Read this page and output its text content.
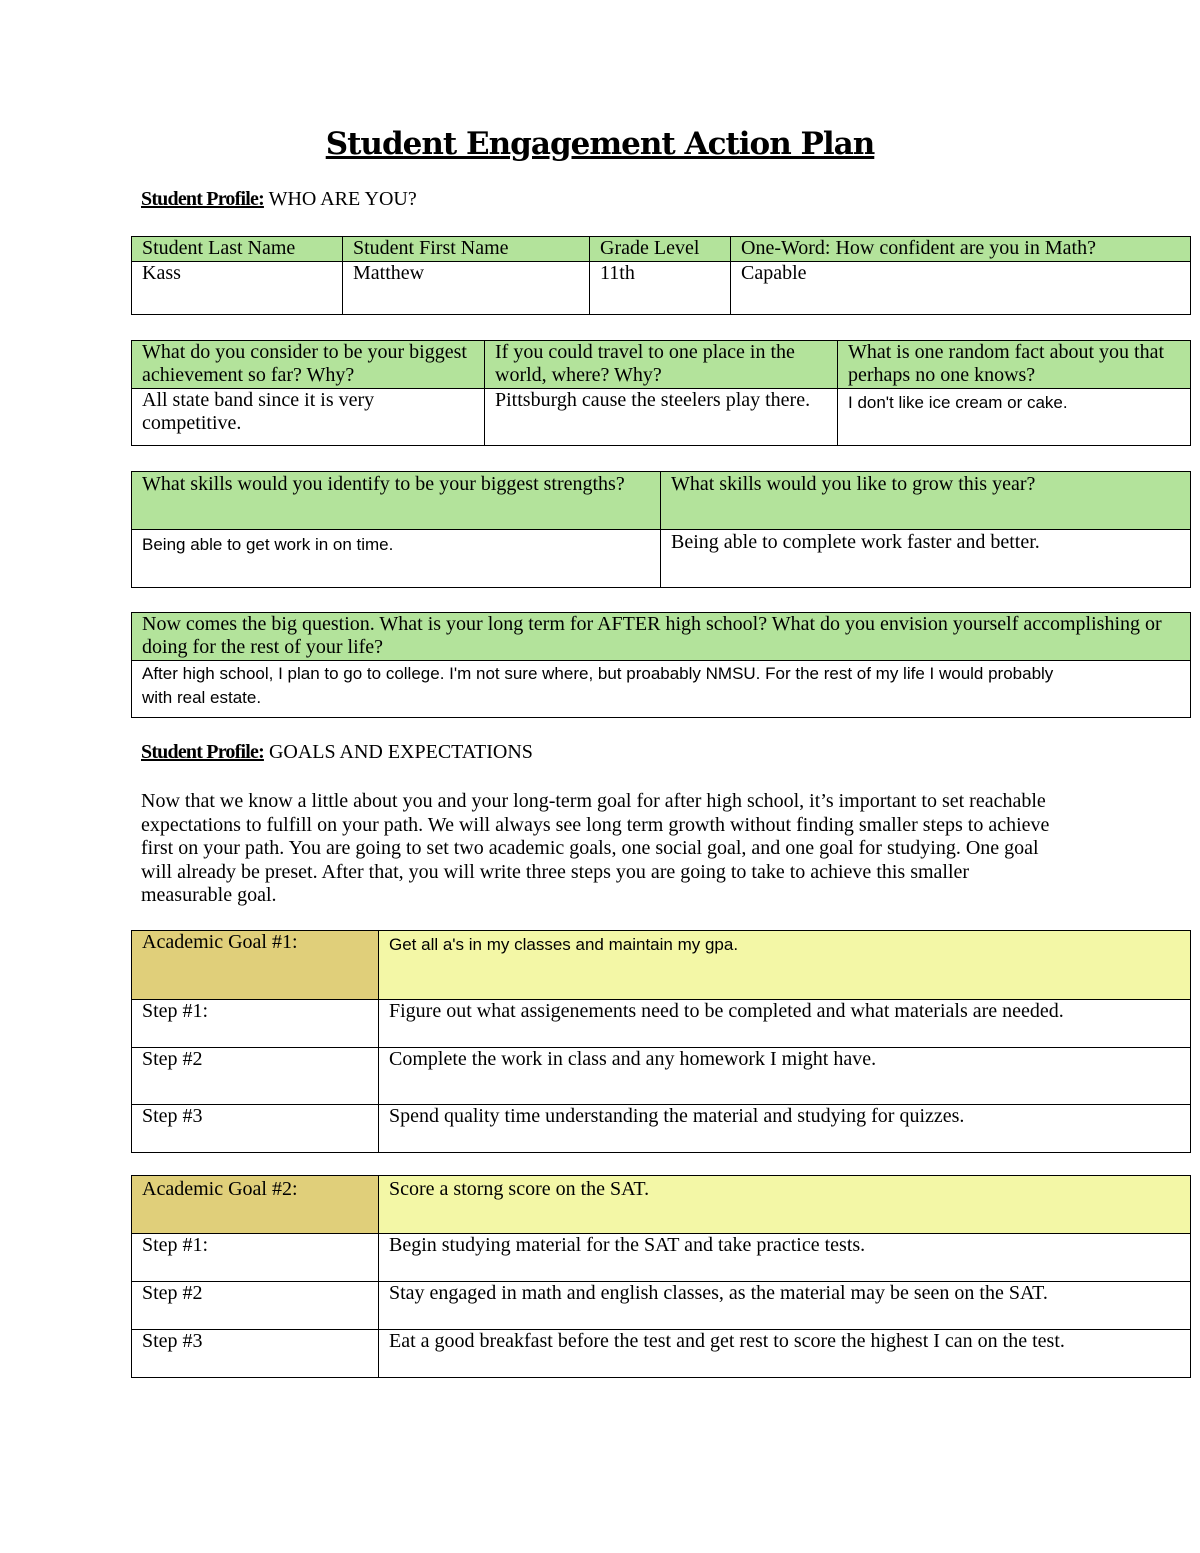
Student Engagement Action Plan
Student Profile: WHO ARE YOU?
Student Last Name	Student First Name	Grade Level	One-Word: How confident are you in Math?
Kass	Matthew	11th	Capable
What do you consider to be your biggest achievement so far? Why?	If you could travel to one place in the world, where? Why?	What is one random fact about you that perhaps no one knows?
All state band since it is very competitive.	Pittsburgh cause the steelers play there.	I don't like ice cream or cake.
What skills would you identify to be your biggest strengths?	What skills would you like to grow this year?
Being able to get work in on time.	Being able to complete work faster and better.
Now comes the big question. What is your long term for AFTER high school? What do you envision yourself accomplishing or doing for the rest of your life?

After high school, I plan to go to college. I'm not sure where, but proabably NMSU. For the rest of my life I would probably
with real estate.
Student Profile: GOALS AND EXPECTATIONS
Now that we know a little about you and your long-term goal for after high school, it’s important to set reachable expectations to fulfill on your path. We will always see long term growth without finding smaller steps to achieve first on your path. You are going to set two academic goals, one social goal, and one goal for studying. One goal will already be preset. After that, you will write three steps you are going to take to achieve this smaller measurable goal.
Academic Goal #1:	Get all a's in my classes and maintain my gpa.
Step #1:	Figure out what assigenements need to be completed and what materials are needed.
Step #2	Complete the work in class and any homework I might have.
Step #3	Spend quality time understanding the material and studying for quizzes.
Academic Goal #2:	Score a storng score on the SAT.
Step #1:	Begin studying material for the SAT and take practice tests.
Step #2	Stay engaged in math and english classes, as the material may be seen on the SAT.
Step #3	Eat a good breakfast before the test and get rest to score the highest I can on the test.
